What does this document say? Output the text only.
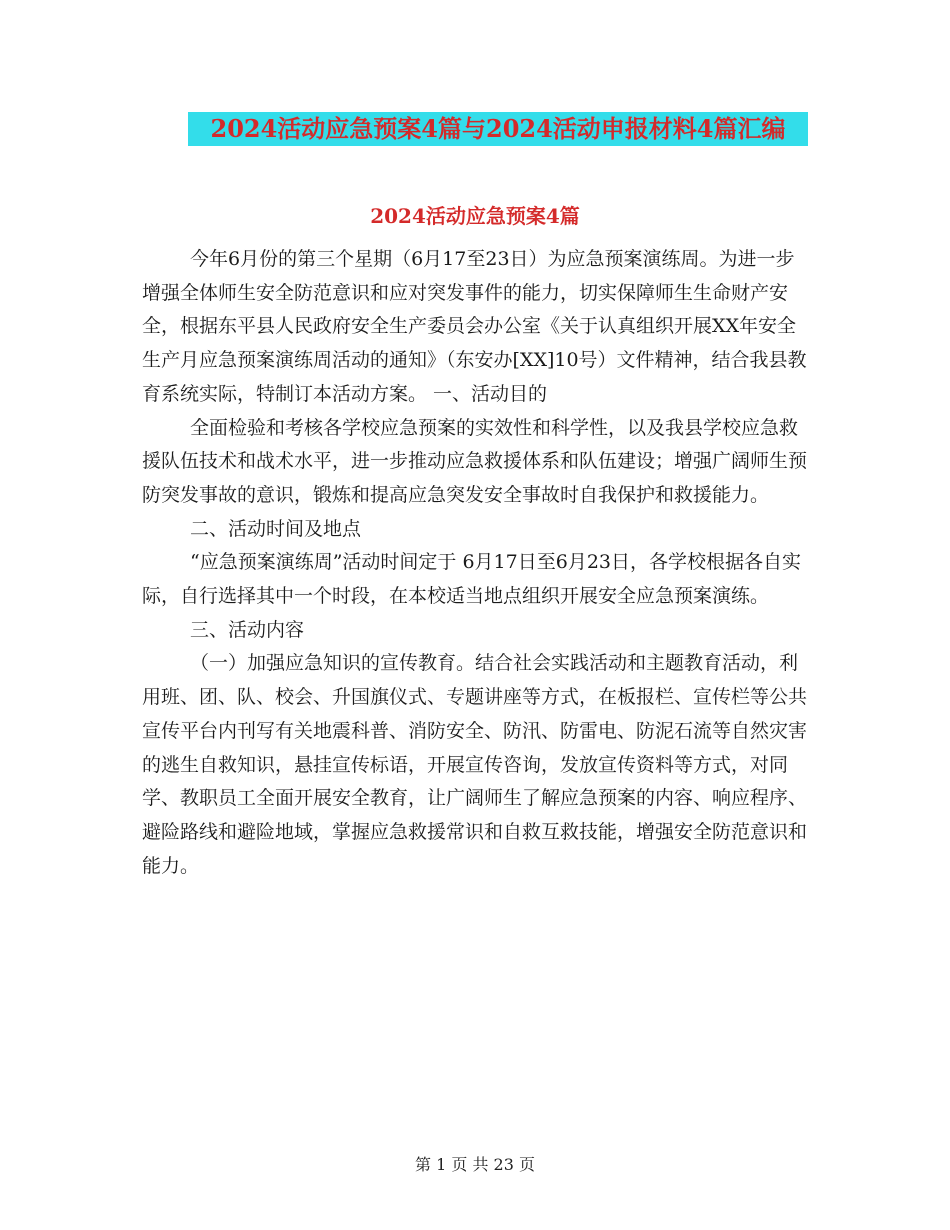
2024活动应急预案4篇与2024活动申报材料4篇汇编
2024活动应急预案4篇

今年6月份的第三个星期（6月17至23日）为应急预案演练周。为进一步增强全体师生安全防范意识和应对突发事件的能力，切实保障师生生命财产安全，根据东平县人民政府安全生产委员会办公室《关于认真组织开展XX年安全生产月应急预案演练周活动的通知》（东安办[XX]10号）文件精神，结合我县教育系统实际，特制订本活动方案。 一、活动目的

全面检验和考核各学校应急预案的实效性和科学性，以及我县学校应急救援队伍技术和战术水平，进一步推动应急救援体系和队伍建设；增强广阔师生预防突发事故的意识，锻炼和提高应急突发安全事故时自我保护和救援能力。

二、活动时间及地点

“应急预案演练周”活动时间定于 6月17日至6月23日，各学校根据各自实际，自行选择其中一个时段，在本校适当地点组织开展安全应急预案演练。

三、活动内容

（一）加强应急知识的宣传教育。结合社会实践活动和主题教育活动，利用班、团、队、校会、升国旗仪式、专题讲座等方式，在板报栏、宣传栏等公共宣传平台内刊写有关地震科普、消防安全、防汛、防雷电、防泥石流等自然灾害的逃生自救知识，悬挂宣传标语，开展宣传咨询，发放宣传资料等方式，对同学、教职员工全面开展安全教育，让广阔师生了解应急预案的内容、响应程序、避险路线和避险地域，掌握应急救援常识和自救互救技能，增强安全防范意识和能力。

第 1 页 共 23 页
